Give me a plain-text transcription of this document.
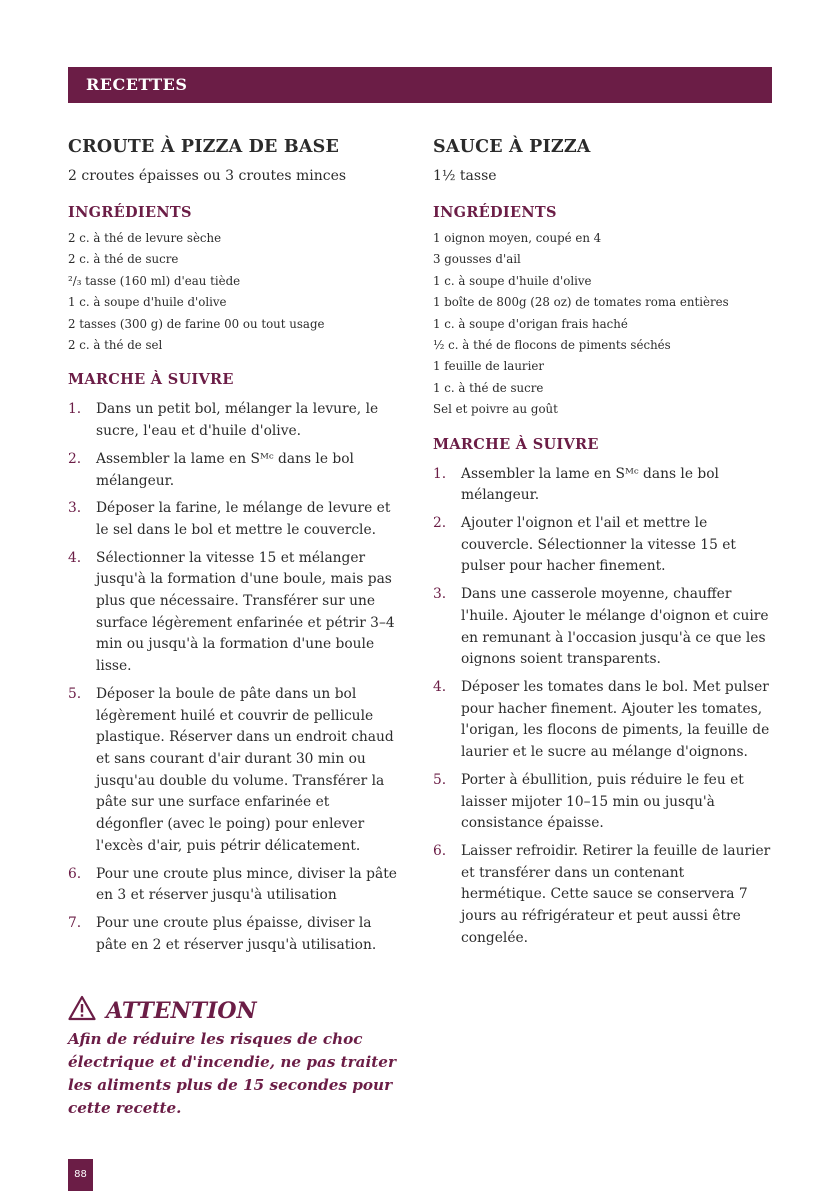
RECETTES
CROUTE À PIZZA DE BASE
2 croutes épaisses ou 3 croutes minces
INGRÉDIENTS
2 c. à thé de levure sèche
2 c. à thé de sucre
²/₃ tasse (160 ml) d'eau tiède
1 c. à soupe d'huile d'olive
2 tasses (300 g) de farine 00 ou tout usage
2 c. à thé de sel
MARCHE À SUIVRE
1. Dans un petit bol, mélanger la levure, le sucre, l'eau et d'huile d'olive.
2. Assembler la lame en Sᴹᶜ dans le bol mélangeur.
3. Déposer la farine, le mélange de levure et le sel dans le bol et mettre le couvercle.
4. Sélectionner la vitesse 15 et mélanger jusqu'à la formation d'une boule, mais pas plus que nécessaire. Transférer sur une surface légèrement enfarinée et pétrir 3–4 min ou jusqu'à la formation d'une boule lisse.
5. Déposer la boule de pâte dans un bol légèrement huilé et couvrir de pellicule plastique. Réserver dans un endroit chaud et sans courant d'air durant 30 min ou jusqu'au double du volume. Transférer la pâte sur une surface enfarinée et dégonfler (avec le poing) pour enlever l'excès d'air, puis pétrir délicatement.
6. Pour une croute plus mince, diviser la pâte en 3 et réserver jusqu'à utilisation
7. Pour une croute plus épaisse, diviser la pâte en 2 et réserver jusqu'à utilisation.
SAUCE À PIZZA
1½ tasse
INGRÉDIENTS
1 oignon moyen, coupé en 4
3 gousses d'ail
1 c. à soupe d'huile d'olive
1 boîte de 800g (28 oz) de tomates roma entières
1 c. à soupe d'origan frais haché
½ c. à thé de flocons de piments séchés
1 feuille de laurier
1 c. à thé de sucre
Sel et poivre au goût
MARCHE À SUIVRE
1. Assembler la lame en Sᴹᶜ dans le bol mélangeur.
2. Ajouter l'oignon et l'ail et mettre le couvercle. Sélectionner la vitesse 15 et pulser pour hacher finement.
3. Dans une casserole moyenne, chauffer l'huile. Ajouter le mélange d'oignon et cuire en remunant à l'occasion jusqu'à ce que les oignons soient transparents.
4. Déposer les tomates dans le bol. Met pulser pour hacher finement. Ajouter les tomates, l'origan, les flocons de piments, la feuille de laurier et le sucre au mélange d'oignons.
5. Porter à ébullition, puis réduire le feu et laisser mijoter 10–15 min ou jusqu'à consistance épaisse.
6. Laisser refroidir. Retirer la feuille de laurier et transférer dans un contenant hermétique. Cette sauce se conservera 7 jours au réfrigérateur et peut aussi être congelée.
ATTENTION
Afin de réduire les risques de choc électrique et d'incendie, ne pas traiter les aliments plus de 15 secondes pour cette recette.
88
